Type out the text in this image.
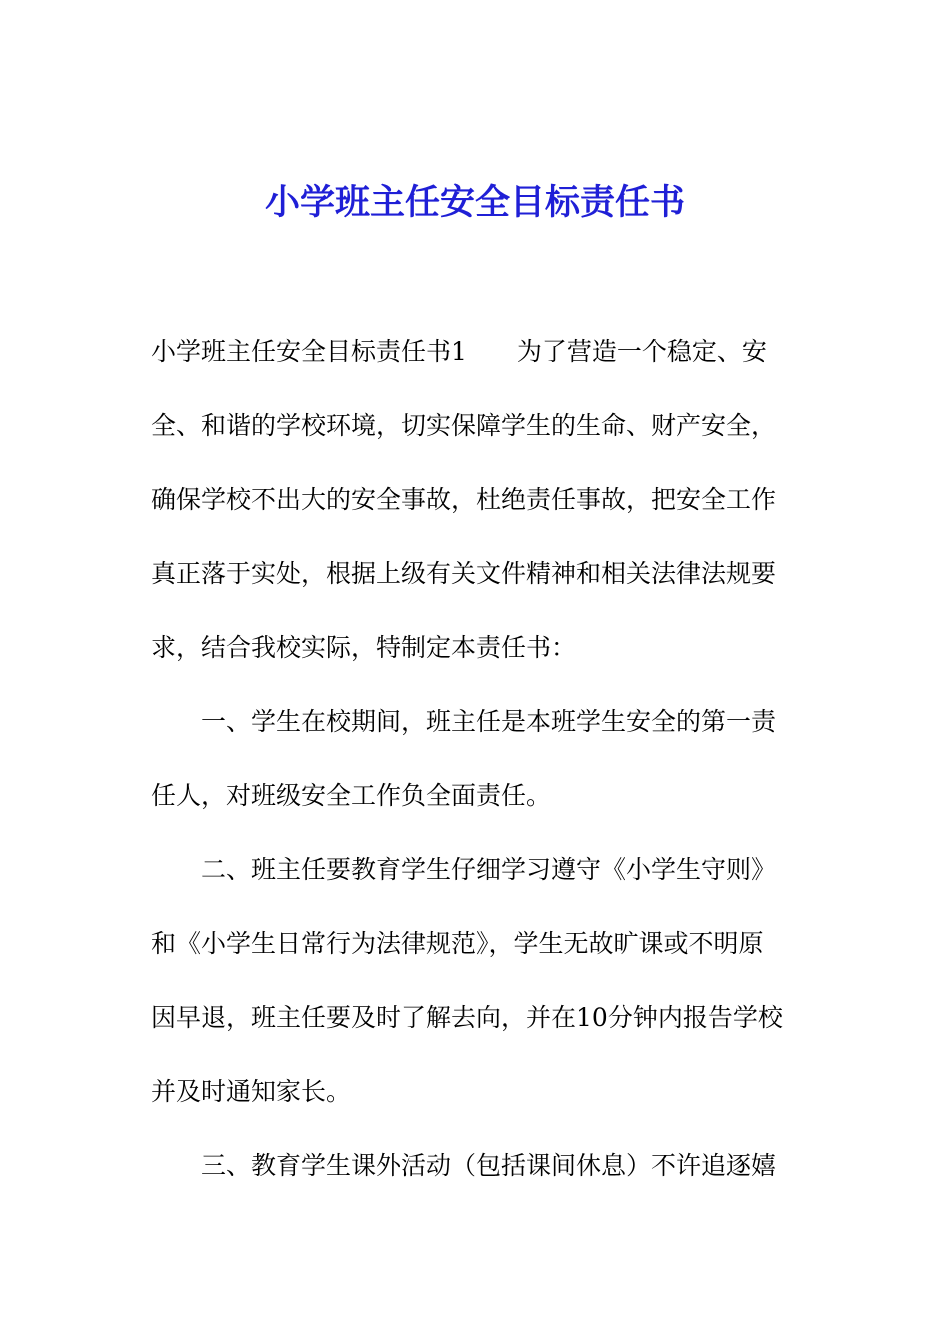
小学班主任安全目标责任书
小学班主任安全目标责任书1 为了营造一个稳定、安
全、和谐的学校环境，切实保障学生的生命、财产安全，
确保学校不出大的安全事故，杜绝责任事故，把安全工作
真正落于实处，根据上级有关文件精神和相关法律法规要
求，结合我校实际，特制定本责任书：
一、学生在校期间，班主任是本班学生安全的第一责
任人，对班级安全工作负全面责任。
二、班主任要教育学生仔细学习遵守《小学生守则》
和《小学生日常行为法律规范》，学生无故旷课或不明原
因早退，班主任要及时了解去向，并在10分钟内报告学校
并及时通知家长。
三、教育学生课外活动（包括课间休息）不许追逐嬉
